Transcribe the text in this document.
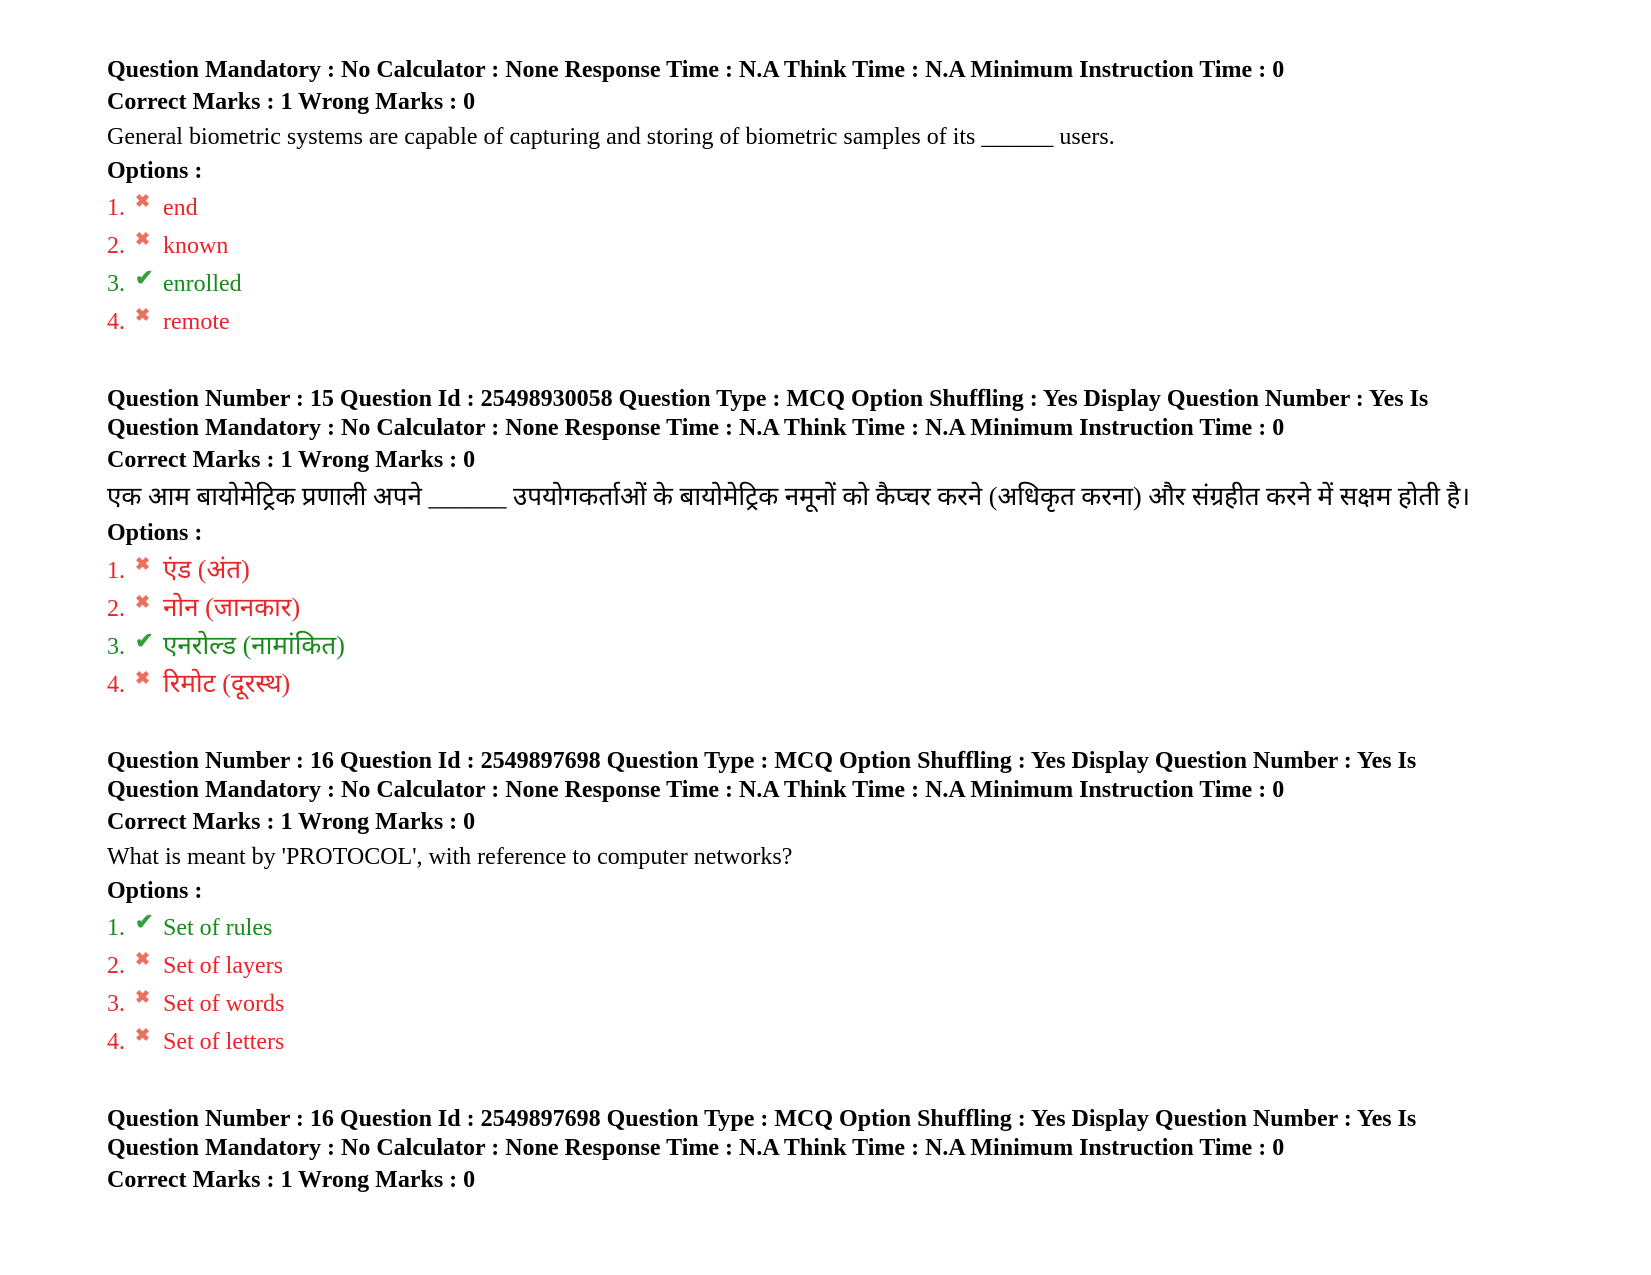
Question Mandatory : No Calculator : None Response Time : N.A Think Time : N.A Minimum Instruction Time : 0
Correct Marks : 1 Wrong Marks : 0
General biometric systems are capable of capturing and storing of biometric samples of its ______ users.
Options :
1. ✖ end
2. ✖ known
3. ✔ enrolled
4. ✖ remote
Question Number : 15 Question Id : 25498930058 Question Type : MCQ Option Shuffling : Yes Display Question Number : Yes Is
Question Mandatory : No Calculator : None Response Time : N.A Think Time : N.A Minimum Instruction Time : 0
Correct Marks : 1 Wrong Marks : 0
एक आम बायोमेट्रिक प्रणाली अपने ______ उपयोगकर्ताओं के बायोमेट्रिक नमूनों को कैप्चर करने (अधिकृत करना) और संग्रहीत करने में सक्षम होती है।
Options :
1. ✖ एंड (अंत)
2. ✖ नोन (जानकार)
3. ✔ एनरोल्ड (नामांकित)
4. ✖ रिमोट (दूरस्थ)
Question Number : 16 Question Id : 2549897698 Question Type : MCQ Option Shuffling : Yes Display Question Number : Yes Is
Question Mandatory : No Calculator : None Response Time : N.A Think Time : N.A Minimum Instruction Time : 0
Correct Marks : 1 Wrong Marks : 0
What is meant by 'PROTOCOL', with reference to computer networks?
Options :
1. ✔ Set of rules
2. ✖ Set of layers
3. ✖ Set of words
4. ✖ Set of letters
Question Number : 16 Question Id : 2549897698 Question Type : MCQ Option Shuffling : Yes Display Question Number : Yes Is
Question Mandatory : No Calculator : None Response Time : N.A Think Time : N.A Minimum Instruction Time : 0
Correct Marks : 1 Wrong Marks : 0
